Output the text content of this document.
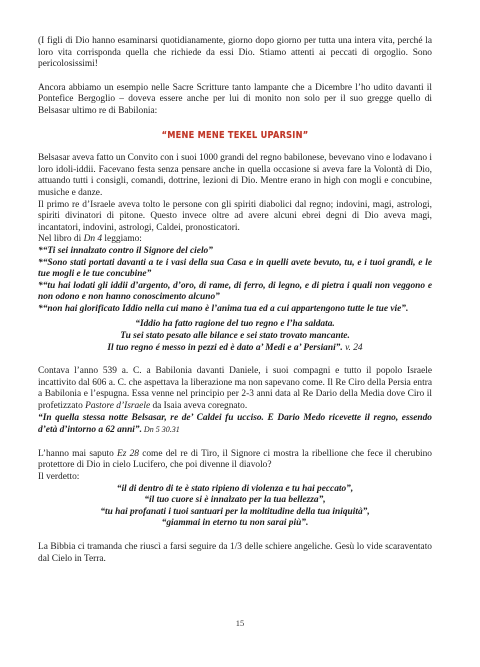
(I figli di Dio hanno esaminarsi quotidianamente, giorno dopo giorno per tutta una intera vita, perché la loro vita corrisponda quella che richiede da essi Dio. Stiamo attenti ai peccati di orgoglio. Sono pericolosissimi!

Ancora abbiamo un esempio nelle Sacre Scritture tanto lampante che a Dicembre l’ho udito davanti il Pontefice Bergoglio – doveva essere anche per lui di monito non solo per il suo gregge quello di Belsasar ultimo re di Babilonia:

“MENE MENE TEKEL UPARSIN”

Belsasar aveva fatto un Convito con i suoi 1000 grandi del regno babilonese, bevevano vino e lodavano i loro idoli-iddii. Facevano festa senza pensare anche in quella occasione si aveva fare la Volontà di Dio, attuando tutti i consigli, comandi, dottrine, lezioni di Dio. Mentre erano in high con mogli e concubine, musiche e danze.

Il primo re d’Israele aveva tolto le persone con gli spiriti diabolici dal regno; indovini, magi, astrologi, spiriti divinatori di pitone. Questo invece oltre ad avere alcuni ebrei degni di Dio aveva magi, incantatori, indovini, astrologi, Caldei, pronosticatori.

Nel libro di Dn 4 leggiamo:

*“Ti sei innalzato contro il Signore del cielo”

*“Sono stati portati davanti a te i vasi della sua Casa e in quelli avete bevuto, tu, e i tuoi grandi, e le tue mogli e le tue concubine”

*“tu hai lodati gli iddii d’argento, d’oro, di rame, di ferro, di legno, e di pietra i quali non veggono e non odono e non hanno conoscimento alcuno”

*“non hai glorificato Iddio nella cui mano è l’anima tua ed a cui appartengono tutte le tue vie”.

“Iddio ha fatto ragione del tuo regno e l’ha saldata.

Tu sei stato pesato alle bilance e sei stato trovato mancante.

Il tuo regno é messo in pezzi ed è dato a’ Medi e a’ Persiani”. v. 24

Contava l’anno 539 a. C. a Babilonia davanti Daniele, i suoi compagni e tutto il popolo Israele incattivito dal 606 a. C. che aspettava la liberazione ma non sapevano come. Il Re Ciro della Persia entra a Babilonia e l’espugna. Essa venne nel principio per 2-3 anni data al Re Dario della Media dove Ciro il profetizzato Pastore d’Israele da Isaia aveva coregnato.

“In quella stessa notte Belsasar, re de’ Caldei fu ucciso. E Dario Medo ricevette il regno, essendo d’età d’intorno a 62 anni”. Dn 5 30.31

L’hanno mai saputo Ez 28 come del re di Tiro, il Signore ci mostra la ribellione che fece il cherubino protettore di Dio in cielo Lucifero, che poi divenne il diavolo?

Il verdetto:

“il di dentro di te è stato ripieno di violenza e tu hai peccato”,

“il tuo cuore si è innalzato per la tua bellezza”,

“tu hai profanati i tuoi santuari per la moltitudine della tua iniquità”,

“giammai in eterno tu non sarai più”.

La Bibbia ci tramanda che riuscì a farsi seguire da 1/3 delle schiere angeliche. Gesù lo vide scaraventato dal Cielo in Terra.

15
